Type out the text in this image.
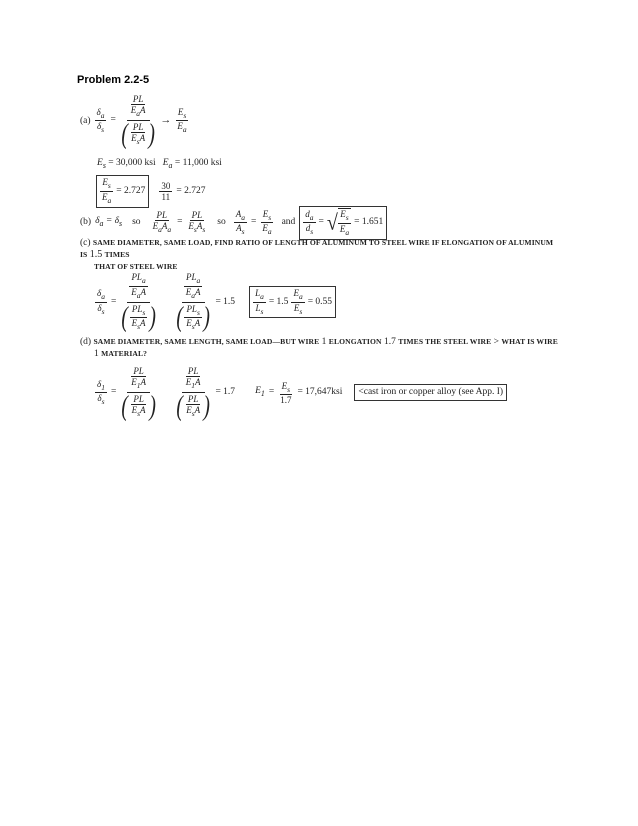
Problem 2.2-5
$(a) \frac{\delta_a}{\delta_s} = \frac{\frac{PL}{E_aA}}{( \frac{PL}{E_sA} )} \to \frac{E_s}{E_a}$
$E_s = 30,000$ ksi $E_a = 11,000$ ksi
$\frac{E_s}{E_a} = 2.727 \frac{30}{11} = 2.727$
(b) $\delta_a = \delta_s$ so $\frac{PL}{E_aA_a} = \frac{PL}{E_sA_s}$ so $\frac{A_a}{A_s} = \frac{E_s}{E_a}$ and $\frac{d_a}{d_s}$ = √ $\frac{E_s}{E_a} = 1.651$
(c) SAME DIAMETER, SAME LOAD, FIND RATIO OF LENGTH OF ALUMINUM TO STEEL WIRE IF ELONGATION OF ALUMINUM IS 1.5 TIMES
THAT OF STEEL WIRE
$\frac{\delta_a}{\delta_s} = \frac{\frac{PL_a}{E_aA}}{( \frac{PL_s}{E_sA} )} \frac{\frac{PL_a}{E_aA}}{( \frac{PL_s}{E_sA} )} = 1.5 \frac{L_a}{L_s} = 1.5 \frac{E_a}{E_s} = 0.55$
(d) SAME DIAMETER, SAME LENGTH, SAME LOAD—BUT WIRE 1 ELONGATION 1.7 TIMES THE STEEL WIRE > WHAT IS WIRE
1 MATERIAL?
$\frac{\delta_1}{\delta_s} = \frac{\frac{PL}{E_1A}}{( \frac{PL}{E_sA} )} \frac{\frac{PL}{E_1A}}{( \frac{PL}{E_sA} )} = 1.7$ $E_1 = \frac{E_s}{1.7} = 17,647ksi$ <cast iron or copper alloy (see App. I)
